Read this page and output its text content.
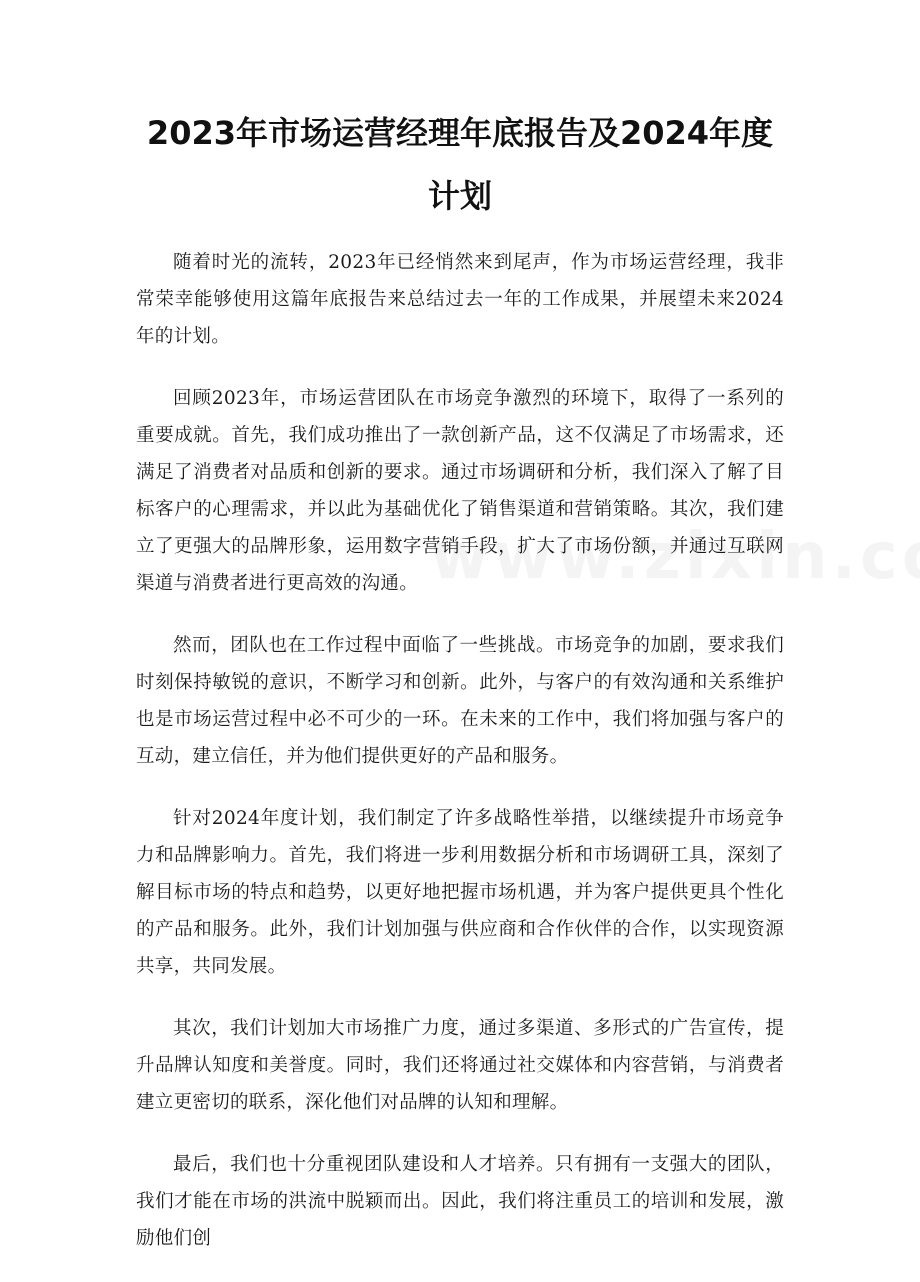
2023年市场运营经理年底报告及2024年度
计划

随着时光的流转，2023年已经悄然来到尾声，作为市场运营经理，我非常荣幸能够使用这篇年底报告来总结过去一年的工作成果，并展望未来2024年的计划。

回顾2023年，市场运营团队在市场竞争激烈的环境下，取得了一系列的重要成就。首先，我们成功推出了一款创新产品，这不仅满足了市场需求，还满足了消费者对品质和创新的要求。通过市场调研和分析，我们深入了解了目标客户的心理需求，并以此为基础优化了销售渠道和营销策略。其次，我们建立了更强大的品牌形象，运用数字营销手段，扩大了市场份额，并通过互联网渠道与消费者进行更高效的沟通。

然而，团队也在工作过程中面临了一些挑战。市场竞争的加剧，要求我们时刻保持敏锐的意识，不断学习和创新。此外，与客户的有效沟通和关系维护也是市场运营过程中必不可少的一环。在未来的工作中，我们将加强与客户的互动，建立信任，并为他们提供更好的产品和服务。

针对2024年度计划，我们制定了许多战略性举措，以继续提升市场竞争力和品牌影响力。首先，我们将进一步利用数据分析和市场调研工具，深刻了解目标市场的特点和趋势，以更好地把握市场机遇，并为客户提供更具个性化的产品和服务。此外，我们计划加强与供应商和合作伙伴的合作，以实现资源共享，共同发展。

其次，我们计划加大市场推广力度，通过多渠道、多形式的广告宣传，提升品牌认知度和美誉度。同时，我们还将通过社交媒体和内容营销，与消费者建立更密切的联系，深化他们对品牌的认知和理解。

最后，我们也十分重视团队建设和人才培养。只有拥有一支强大的团队，我们才能在市场的洪流中脱颖而出。因此，我们将注重员工的培训和发展，激励他们创
